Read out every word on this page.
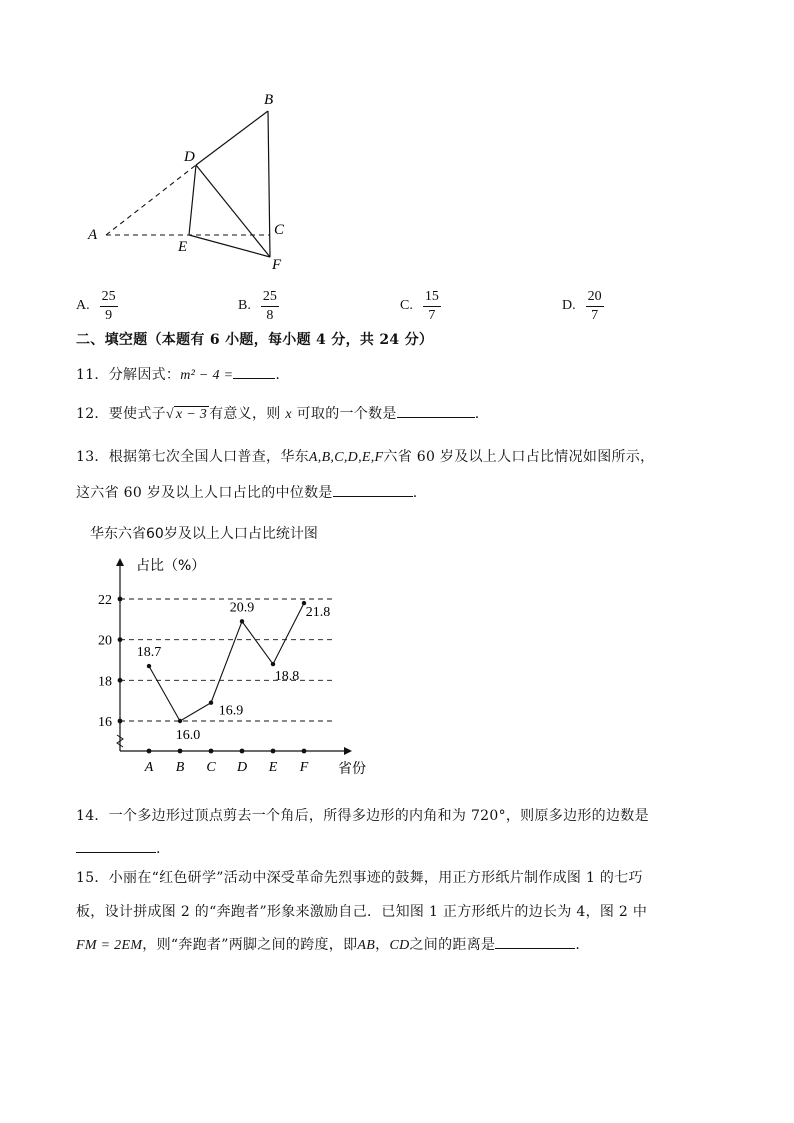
B
D
A
E
C
F
A. $\frac{25}{9}$	B. $\frac{25}{8}$	C. $\frac{15}{7}$	D. $\frac{20}{7}$
二、填空题（本题有 6 小题，每小题 4 分，共 24 分）
11．分解因式：m² − 4 =	.
12．要使式子√ x − 3 有意义，则 x 可取的一个数是	.
13．根据第七次全国人口普查，华东A,B,C,D,E,F六省 60 岁及以上人口占比情况如图所示，
这六省 60 岁及以上人口占比的中位数是	.
华东六省60岁及以上人口占比统计图
占比（%）
省份
16
18
20
22
A B C D E F
18.7
16.0
16.9
20.9
18.8
21.8
14．一个多边形过顶点剪去一个角后，所得多边形的内角和为 720°，则原多边形的边数是
.
15．小丽在“红色研学”活动中深受革命先烈事迹的鼓舞，用正方形纸片制作成图 1 的七巧
板，设计拼成图 2 的“奔跑者”形象来激励自己．已知图 1 正方形纸片的边长为 4，图 2 中
FM = 2EM，则“奔跑者”两脚之间的跨度，即AB，CD之间的距离是	.
